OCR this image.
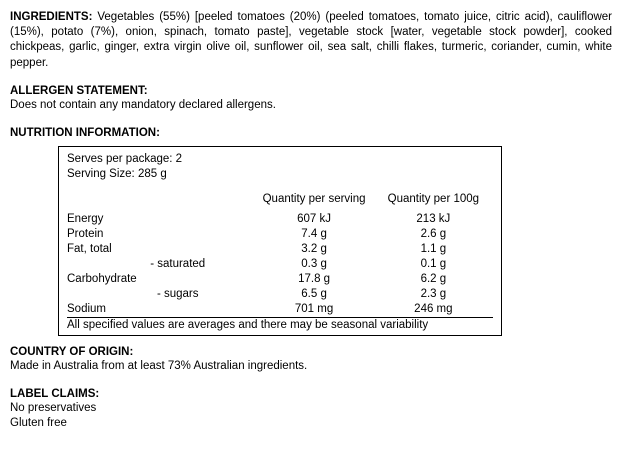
INGREDIENTS: Vegetables (55%) [peeled tomatoes (20%) (peeled tomatoes, tomato juice, citric acid), cauliflower (15%), potato (7%), onion, spinach, tomato paste], vegetable stock [water, vegetable stock powder], cooked chickpeas, garlic, ginger, extra virgin olive oil, sunflower oil, sea salt, chilli flakes, turmeric, coriander, cumin, white pepper.
ALLERGEN STATEMENT:
Does not contain any mandatory declared allergens.
NUTRITION INFORMATION:
Serves per package: 2
Serving Size: 285 g
	Quantity per serving	Quantity per 100g
Energy	607 kJ	213 kJ
Protein	7.4 g	2.6 g
Fat, total	3.2 g	1.1 g
- saturated	0.3 g	0.1 g
Carbohydrate	17.8 g	6.2 g
- sugars	6.5 g	2.3 g
Sodium	701 mg	246 mg
All specified values are averages and there may be seasonal variability		
COUNTRY OF ORIGIN:
Made in Australia from at least 73% Australian ingredients.
LABEL CLAIMS:
No preservatives
Gluten free
